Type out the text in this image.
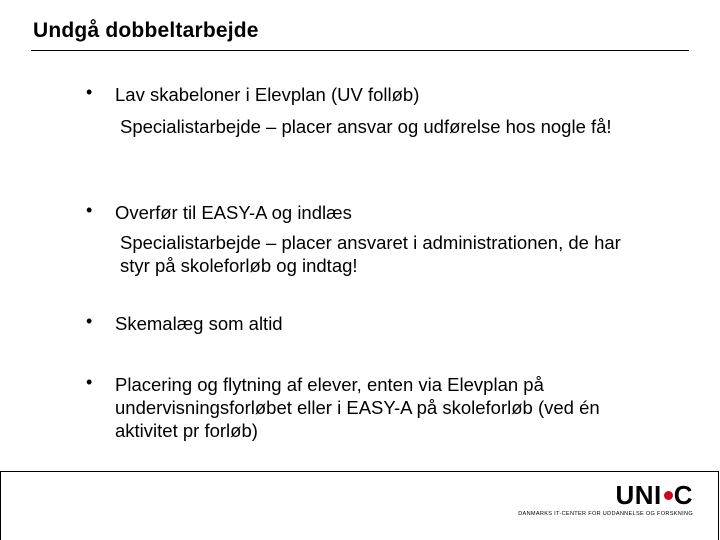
Undgå dobbeltarbejde
• Lav skabeloner i Elevplan (UV folløb)
Specialistarbejde – placer ansvar og udførelse hos nogle få!
• Overfør til EASY-A og indlæs
Specialistarbejde – placer ansvaret i administrationen, de har styr på skoleforløb og indtag!
• Skemalæg som altid
• Placering og flytning af elever, enten via Elevplan på undervisningsforløbet eller i EASY-A på skoleforløb (ved én aktivitet pr forløb)
UNI C
DANMARKS IT-CENTER FOR UDDANNELSE OG FORSKNING
